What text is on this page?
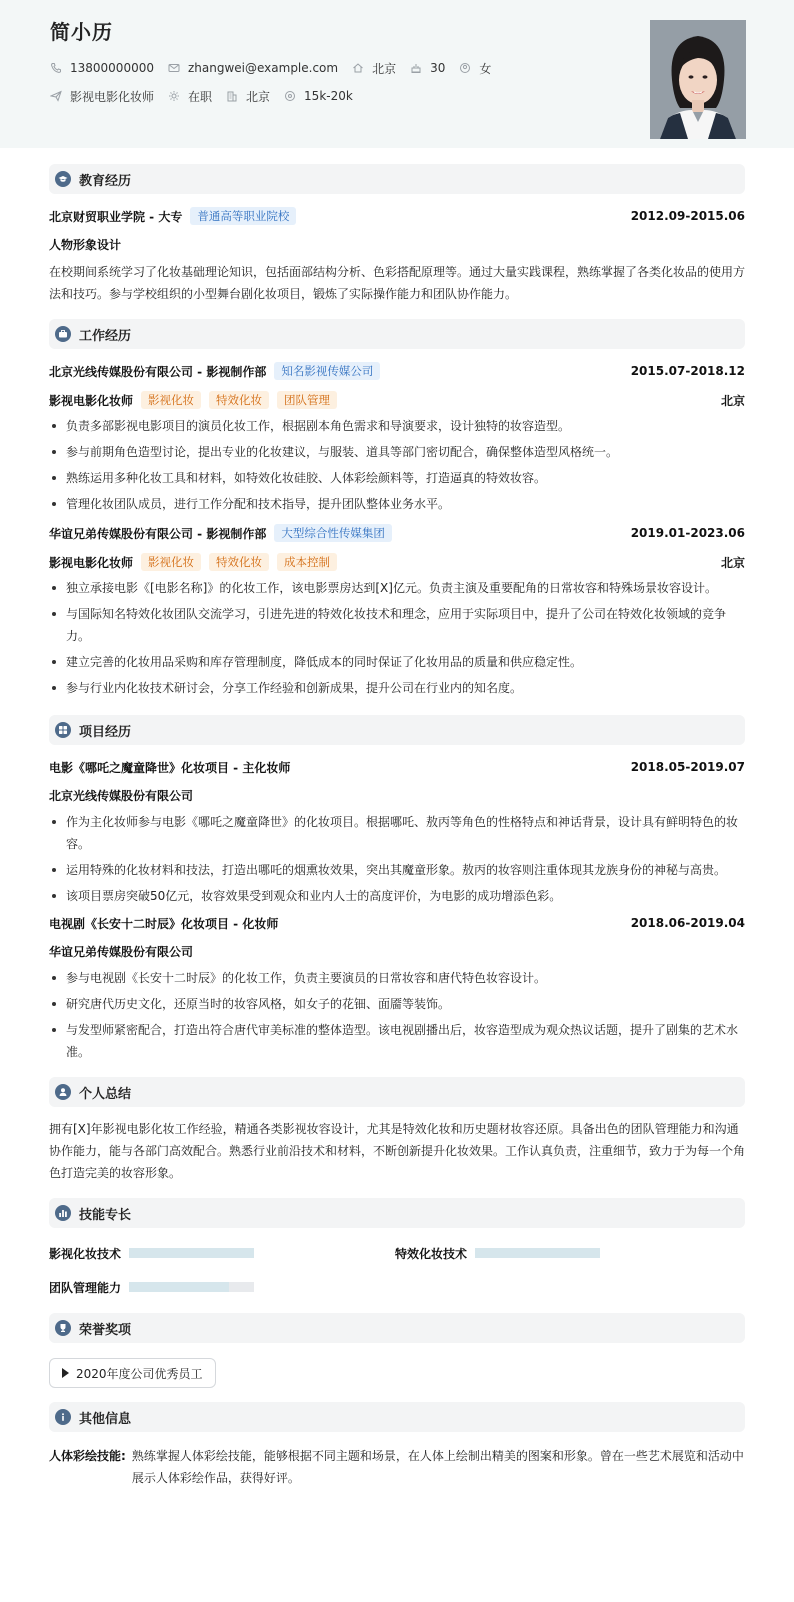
简小历
13800000000	zhangwei@example.com	北京	30	女
影视电影化妆师	在职	北京	15k-20k
教育经历
北京财贸职业学院 - 大专	普通高等职业院校	2012.09-2015.06
人物形象设计
在校期间系统学习了化妆基础理论知识，包括面部结构分析、色彩搭配原理等。通过大量实践课程，熟练掌握了各类化妆品的使用方法和技巧。参与学校组织的小型舞台剧化妆项目，锻炼了实际操作能力和团队协作能力。
工作经历
北京光线传媒股份有限公司 - 影视制作部	知名影视传媒公司	2015.07-2018.12
影视电影化妆师	影视化妆	特效化妆	团队管理	北京
负责多部影视电影项目的演员化妆工作，根据剧本角色需求和导演要求，设计独特的妆容造型。
参与前期角色造型讨论，提出专业的化妆建议，与服装、道具等部门密切配合，确保整体造型风格统一。
熟练运用多种化妆工具和材料，如特效化妆硅胶、人体彩绘颜料等，打造逼真的特效妆容。
管理化妆团队成员，进行工作分配和技术指导，提升团队整体业务水平。
华谊兄弟传媒股份有限公司 - 影视制作部	大型综合性传媒集团	2019.01-2023.06
影视电影化妆师	影视化妆	特效化妆	成本控制	北京
独立承接电影《[电影名称]》的化妆工作，该电影票房达到[X]亿元。负责主演及重要配角的日常妆容和特殊场景妆容设计。
与国际知名特效化妆团队交流学习，引进先进的特效化妆技术和理念，应用于实际项目中，提升了公司在特效化妆领域的竞争力。
建立完善的化妆用品采购和库存管理制度，降低成本的同时保证了化妆用品的质量和供应稳定性。
参与行业内化妆技术研讨会，分享工作经验和创新成果，提升公司在行业内的知名度。
项目经历
电影《哪吒之魔童降世》化妆项目 - 主化妆师	2018.05-2019.07
北京光线传媒股份有限公司
作为主化妆师参与电影《哪吒之魔童降世》的化妆项目。根据哪吒、敖丙等角色的性格特点和神话背景，设计具有鲜明特色的妆容。
运用特殊的化妆材料和技法，打造出哪吒的烟熏妆效果，突出其魔童形象。敖丙的妆容则注重体现其龙族身份的神秘与高贵。
该项目票房突破50亿元，妆容效果受到观众和业内人士的高度评价，为电影的成功增添色彩。
电视剧《长安十二时辰》化妆项目 - 化妆师	2018.06-2019.04
华谊兄弟传媒股份有限公司
参与电视剧《长安十二时辰》的化妆工作，负责主要演员的日常妆容和唐代特色妆容设计。
研究唐代历史文化，还原当时的妆容风格，如女子的花钿、面靥等装饰。
与发型师紧密配合，打造出符合唐代审美标准的整体造型。该电视剧播出后，妆容造型成为观众热议话题，提升了剧集的艺术水准。
个人总结
拥有[X]年影视电影化妆工作经验，精通各类影视妆容设计，尤其是特效化妆和历史题材妆容还原。具备出色的团队管理能力和沟通协作能力，能与各部门高效配合。熟悉行业前沿技术和材料，不断创新提升化妆效果。工作认真负责，注重细节，致力于为每一个角色打造完美的妆容形象。
技能专长
影视化妆技术	特效化妆技术
团队管理能力
荣誉奖项
2020年度公司优秀员工
其他信息
人体彩绘技能: 熟练掌握人体彩绘技能，能够根据不同主题和场景，在人体上绘制出精美的图案和形象。曾在一些艺术展览和活动中展示人体彩绘作品，获得好评。
